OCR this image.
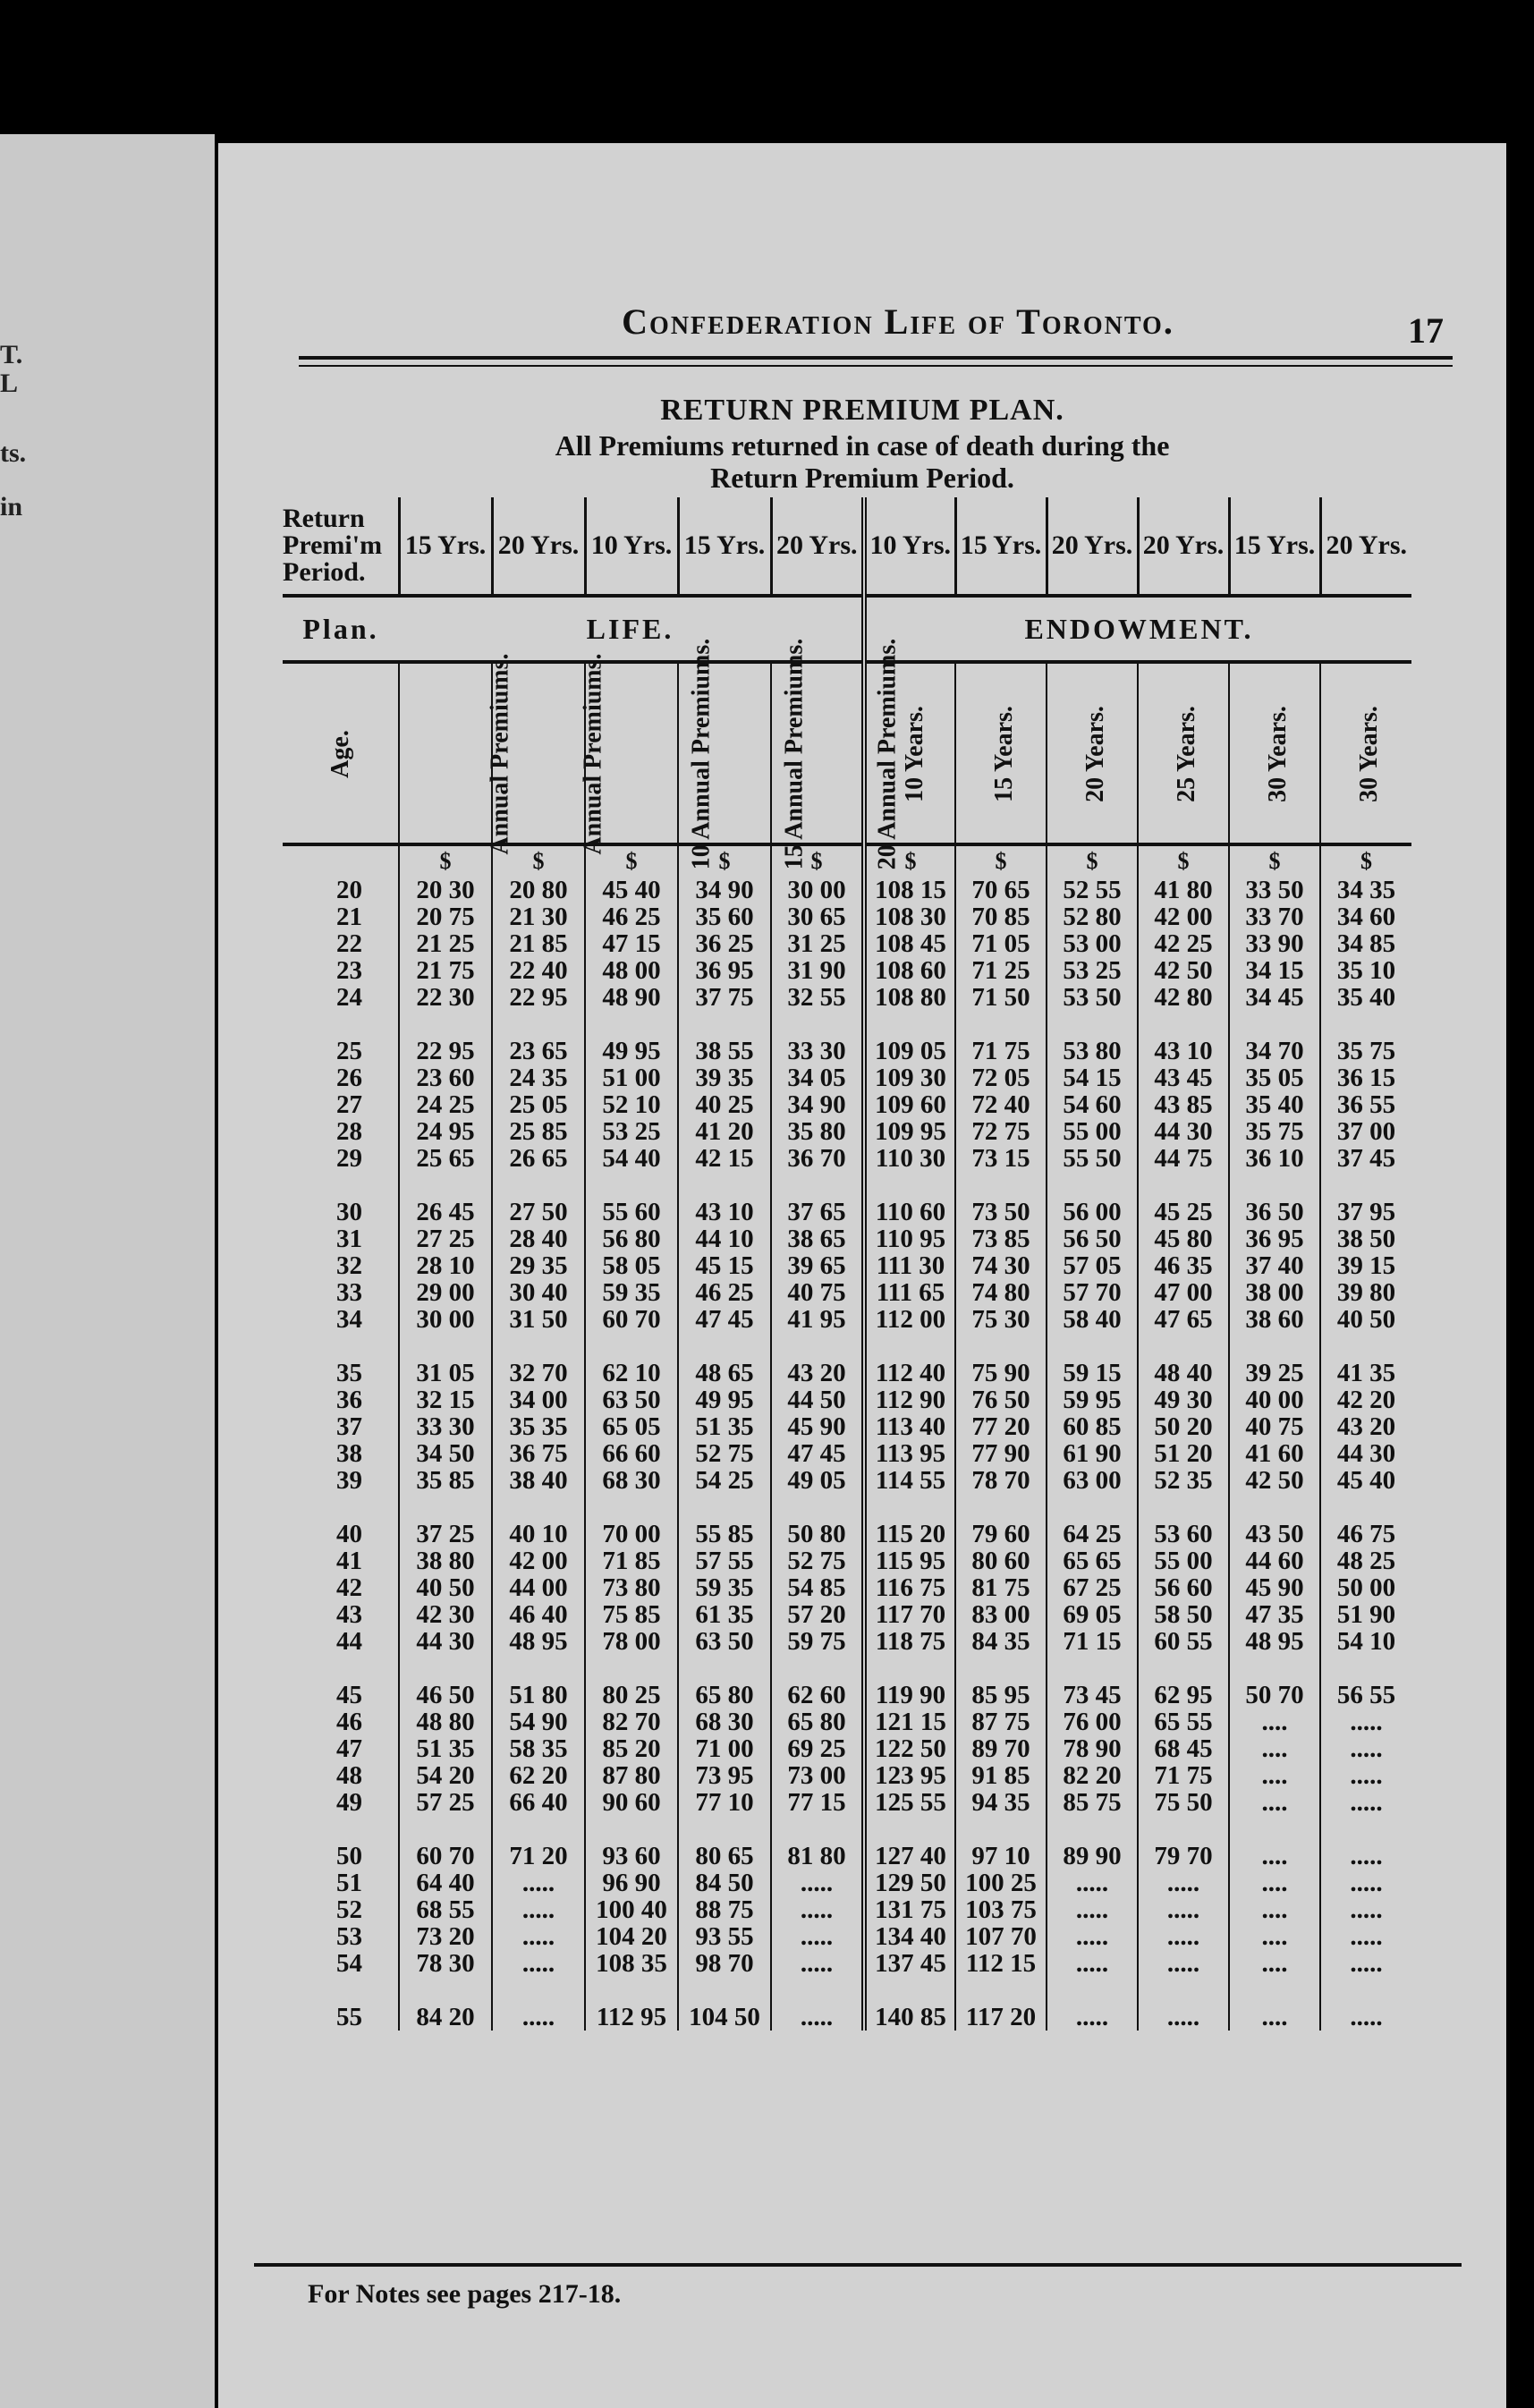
T.
L
ts.
in
Confederation Life of Toronto.	17
RETURN PREMIUM PLAN.
All Premiums returned in case of death during the Return Premium Period.
Return Premi'm Period.	15 Yrs.	20 Yrs.	10 Yrs.	15 Yrs.	20 Yrs.	10 Yrs.	15 Yrs.	20 Yrs.	20 Yrs.	15 Yrs.	20 Yrs.
Plan.	LIFE.					ENDOWMENT.					
Age.	Annual Premiums.	Annual Premiums.	10 Annual Premiums.	15 Annual Premiums.	20 Annual Premiums.	10 Years.	15 Years.	20 Years.	25 Years.	30 Years.	30 Years.
	$	$	$	$	$	$	$	$	$	$	$
20	20 30	20 80	45 40	34 90	30 00	108 15	70 65	52 55	41 80	33 50	34 35
21	20 75	21 30	46 25	35 60	30 65	108 30	70 85	52 80	42 00	33 70	34 60
22	21 25	21 85	47 15	36 25	31 25	108 45	71 05	53 00	42 25	33 90	34 85
23	21 75	22 40	48 00	36 95	31 90	108 60	71 25	53 25	42 50	34 15	35 10
24	22 30	22 95	48 90	37 75	32 55	108 80	71 50	53 50	42 80	34 45	35 40

25	22 95	23 65	49 95	38 55	33 30	109 05	71 75	53 80	43 10	34 70	35 75
26	23 60	24 35	51 00	39 35	34 05	109 30	72 05	54 15	43 45	35 05	36 15
27	24 25	25 05	52 10	40 25	34 90	109 60	72 40	54 60	43 85	35 40	36 55
28	24 95	25 85	53 25	41 20	35 80	109 95	72 75	55 00	44 30	35 75	37 00
29	25 65	26 65	54 40	42 15	36 70	110 30	73 15	55 50	44 75	36 10	37 45

30	26 45	27 50	55 60	43 10	37 65	110 60	73 50	56 00	45 25	36 50	37 95
31	27 25	28 40	56 80	44 10	38 65	110 95	73 85	56 50	45 80	36 95	38 50
32	28 10	29 35	58 05	45 15	39 65	111 30	74 30	57 05	46 35	37 40	39 15
33	29 00	30 40	59 35	46 25	40 75	111 65	74 80	57 70	47 00	38 00	39 80
34	30 00	31 50	60 70	47 45	41 95	112 00	75 30	58 40	47 65	38 60	40 50

35	31 05	32 70	62 10	48 65	43 20	112 40	75 90	59 15	48 40	39 25	41 35
36	32 15	34 00	63 50	49 95	44 50	112 90	76 50	59 95	49 30	40 00	42 20
37	33 30	35 35	65 05	51 35	45 90	113 40	77 20	60 85	50 20	40 75	43 20
38	34 50	36 75	66 60	52 75	47 45	113 95	77 90	61 90	51 20	41 60	44 30
39	35 85	38 40	68 30	54 25	49 05	114 55	78 70	63 00	52 35	42 50	45 40

40	37 25	40 10	70 00	55 85	50 80	115 20	79 60	64 25	53 60	43 50	46 75
41	38 80	42 00	71 85	57 55	52 75	115 95	80 60	65 65	55 00	44 60	48 25
42	40 50	44 00	73 80	59 35	54 85	116 75	81 75	67 25	56 60	45 90	50 00
43	42 30	46 40	75 85	61 35	57 20	117 70	83 00	69 05	58 50	47 35	51 90
44	44 30	48 95	78 00	63 50	59 75	118 75	84 35	71 15	60 55	48 95	54 10

45	46 50	51 80	80 25	65 80	62 60	119 90	85 95	73 45	62 95	50 70	56 55
46	48 80	54 90	82 70	68 30	65 80	121 15	87 75	76 00	65 55	....	.....
47	51 35	58 35	85 20	71 00	69 25	122 50	89 70	78 90	68 45	....	.....
48	54 20	62 20	87 80	73 95	73 00	123 95	91 85	82 20	71 75	....	.....
49	57 25	66 40	90 60	77 10	77 15	125 55	94 35	85 75	75 50	....	.....

50	60 70	71 20	93 60	80 65	81 80	127 40	97 10	89 90	79 70	....	.....
51	64 40	.....	96 90	84 50	.....	129 50	100 25	.....	.....	....	.....
52	68 55	.....	100 40	88 75	.....	131 75	103 75	.....	.....	....	.....
53	73 20	.....	104 20	93 55	.....	134 40	107 70	.....	.....	....	.....
54	78 30	.....	108 35	98 70	.....	137 45	112 15	.....	.....	....	.....

55	84 20	.....	112 95	104 50	.....	140 85	117 20	.....	.....	....	.....
For Notes see pages 217-18.
